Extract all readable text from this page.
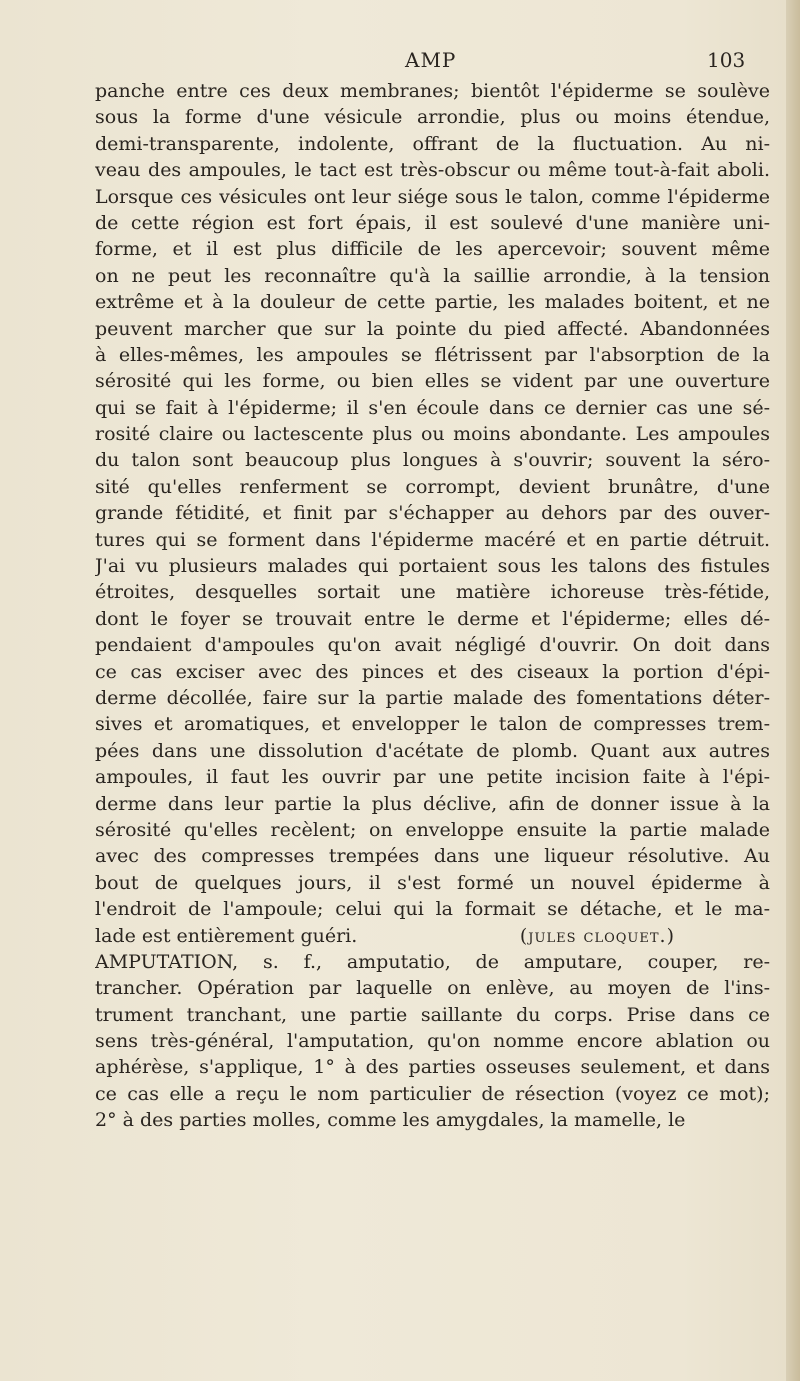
AMP	103
panche entre ces deux membranes; bientôt l'épiderme se soulève
sous la forme d'une vésicule arrondie, plus ou moins étendue,
demi-transparente, indolente, offrant de la fluctuation. Au ni-
veau des ampoules, le tact est très-obscur ou même tout-à-fait aboli.
Lorsque ces vésicules ont leur siége sous le talon, comme l'épiderme
de cette région est fort épais, il est soulevé d'une manière uni-
forme, et il est plus difficile de les apercevoir; souvent même
on ne peut les reconnaître qu'à la saillie arrondie, à la tension
extrême et à la douleur de cette partie, les malades boitent, et ne
peuvent marcher que sur la pointe du pied affecté. Abandonnées
à elles-mêmes, les ampoules se flétrissent par l'absorption de la
sérosité qui les forme, ou bien elles se vident par une ouverture
qui se fait à l'épiderme; il s'en écoule dans ce dernier cas une sé-
rosité claire ou lactescente plus ou moins abondante. Les ampoules
du talon sont beaucoup plus longues à s'ouvrir; souvent la séro-
sité qu'elles renferment se corrompt, devient brunâtre, d'une
grande fétidité, et finit par s'échapper au dehors par des ouver-
tures qui se forment dans l'épiderme macéré et en partie détruit.
J'ai vu plusieurs malades qui portaient sous les talons des fistules
étroites, desquelles sortait une matière ichoreuse très-fétide,
dont le foyer se trouvait entre le derme et l'épiderme; elles dé-
pendaient d'ampoules qu'on avait négligé d'ouvrir. On doit dans
ce cas exciser avec des pinces et des ciseaux la portion d'épi-
derme décollée, faire sur la partie malade des fomentations déter-
sives et aromatiques, et envelopper le talon de compresses trem-
pées dans une dissolution d'acétate de plomb. Quant aux autres
ampoules, il faut les ouvrir par une petite incision faite à l'épi-
derme dans leur partie la plus déclive, afin de donner issue à la
sérosité qu'elles recèlent; on enveloppe ensuite la partie malade
avec des compresses trempées dans une liqueur résolutive. Au
bout de quelques jours, il s'est formé un nouvel épiderme à
l'endroit de l'ampoule; celui qui la formait se détache, et le ma-
lade est entièrement guéri.	(jules cloquet.)
AMPUTATION, s. f., amputatio, de amputare, couper, re-
trancher. Opération par laquelle on enlève, au moyen de l'ins-
trument tranchant, une partie saillante du corps. Prise dans ce
sens très-général, l'amputation, qu'on nomme encore ablation ou
aphérèse, s'applique, 1° à des parties osseuses seulement, et dans
ce cas elle a reçu le nom particulier de résection (voyez ce mot);
2° à des parties molles, comme les amygdales, la mamelle, le
